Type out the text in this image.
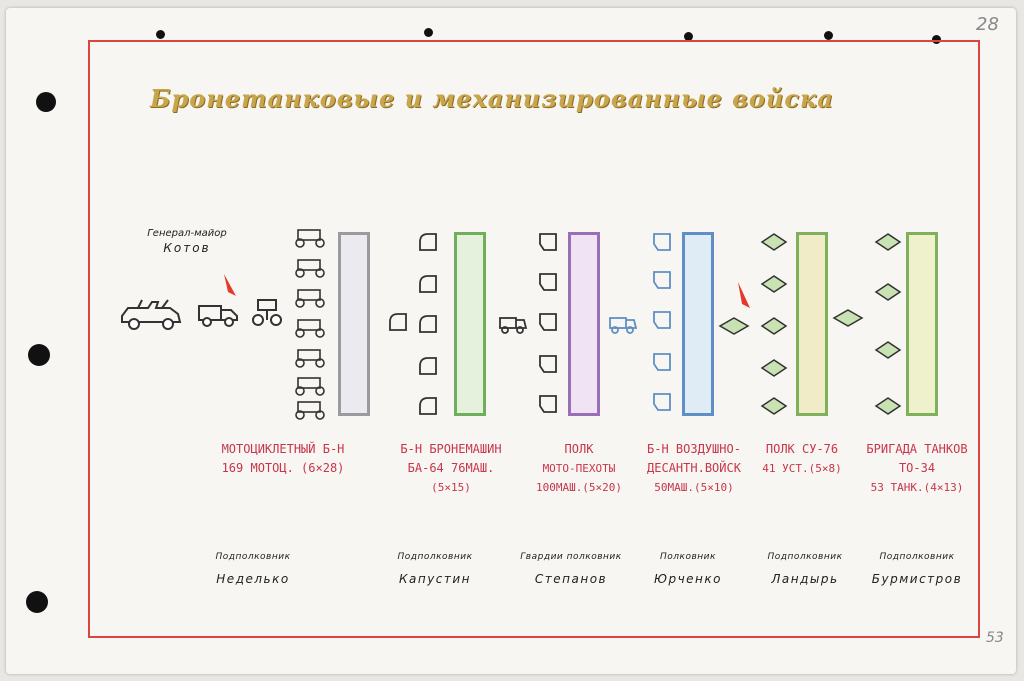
28
53
Бронетанковые и механизированные войска
Генерал-майор
Котов
МОТОЦИКЛЕТНЫЙ Б-Н
169 МОТОЦ. (6×28)
Б-Н БРОНЕМАШИН
БА-64 76МАШ.
(5×15)
ПОЛК
МОТО-ПЕХОТЫ
100МАШ.(5×20)
Б-Н ВОЗДУШНО-
ДЕСАНТН.ВОЙСК
50МАШ.(5×10)
ПОЛК СУ-76
41 УСТ.(5×8)
БРИГАДА ТАНКОВ
ТО-34
53 ТАНК.(4×13)
Подполковник
Неделько
Подполковник
Капустин
Гвардии полковник
Степанов
Полковник
Юрченко
Подполковник
Ландырь
Подполковник
Бурмистров
